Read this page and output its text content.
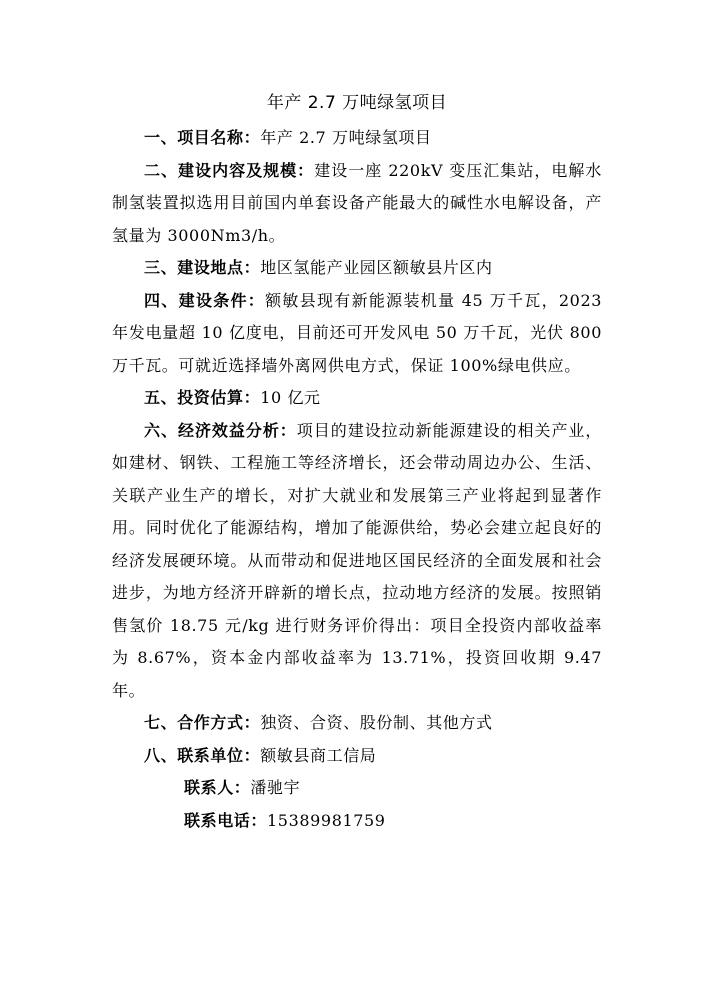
年产 2.7 万吨绿氢项目

一、项目名称：年产 2.7 万吨绿氢项目

二、建设内容及规模：建设一座 220kV 变压汇集站，电解水制氢装置拟选用目前国内单套设备产能最大的碱性水电解设备，产氢量为 3000Nm3/h。

三、建设地点：地区氢能产业园区额敏县片区内

四、建设条件：额敏县现有新能源装机量 45 万千瓦，2023 年发电量超 10 亿度电，目前还可开发风电 50 万千瓦，光伏 800 万千瓦。可就近选择墙外离网供电方式，保证 100%绿电供应。

五、投资估算：10 亿元

六、经济效益分析：项目的建设拉动新能源建设的相关产业，如建材、钢铁、工程施工等经济增长，还会带动周边办公、生活、关联产业生产的增长，对扩大就业和发展第三产业将起到显著作用。同时优化了能源结构，增加了能源供给，势必会建立起良好的经济发展硬环境。从而带动和促进地区国民经济的全面发展和社会进步，为地方经济开辟新的增长点，拉动地方经济的发展。按照销售氢价 18.75 元/kg 进行财务评价得出：项目全投资内部收益率为 8.67%，资本金内部收益率为 13.71%，投资回收期 9.47 年。

七、合作方式：独资、合资、股份制、其他方式

八、联系单位：额敏县商工信局

联系人：潘驰宇

联系电话：15389981759
